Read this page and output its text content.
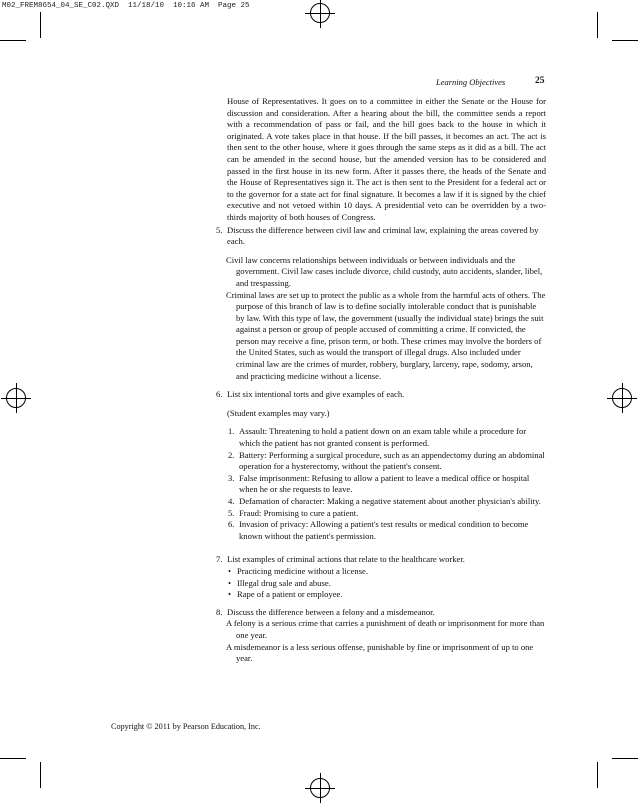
M02_FREM8654_04_SE_C02.QXD  11/18/10  10:16 AM  Page 25
Learning Objectives	25

House of Representatives. It goes on to a committee in either the Senate or the House for discussion and consideration. After a hearing about the bill, the committee sends a report with a recommendation of pass or fail, and the bill goes back to the house in which it originated. A vote takes place in that house. If the bill passes, it becomes an act. The act is then sent to the other house, where it goes through the same steps as it did as a bill. The act can be amended in the second house, but the amended version has to be considered and passed in the first house in its new form. After it passes there, the heads of the Senate and the House of Representatives sign it. The act is then sent to the President for a federal act or to the governor for a state act for final signature. It becomes a law if it is signed by the chief executive and not vetoed within 10 days. A presidential veto can be overridden by a two-thirds majority of both houses of Congress.

5. Discuss the difference between civil law and criminal law, explaining the areas covered by each.

Civil law concerns relationships between individuals or between individuals and the government. Civil law cases include divorce, child custody, auto accidents, slander, libel, and trespassing.

Criminal laws are set up to protect the public as a whole from the harmful acts of others. The purpose of this branch of law is to define socially intolerable conduct that is punishable by law. With this type of law, the government (usually the individual state) brings the suit against a person or group of people accused of committing a crime. If convicted, the person may receive a fine, prison term, or both. These crimes may involve the borders of the United States, such as would the transport of illegal drugs. Also included under criminal law are the crimes of murder, robbery, burglary, larceny, rape, sodomy, arson, and practicing medicine without a license.

6. List six intentional torts and give examples of each.

(Student examples may vary.)

1. Assault: Threatening to hold a patient down on an exam table while a procedure for which the patient has not granted consent is performed.

2. Battery: Performing a surgical procedure, such as an appendectomy during an abdominal operation for a hysterectomy, without the patient's consent.

3. False imprisonment: Refusing to allow a patient to leave a medical office or hospital when he or she requests to leave.

4. Defamation of character: Making a negative statement about another physician's ability.

5. Fraud: Promising to cure a patient.

6. Invasion of privacy: Allowing a patient's test results or medical condition to become known without the patient's permission.

7. List examples of criminal actions that relate to the healthcare worker.

• Practicing medicine without a license.
• Illegal drug sale and abuse.
• Rape of a patient or employee.
8. Discuss the difference between a felony and a misdemeanor.

A felony is a serious crime that carries a punishment of death or imprisonment for more than one year.

A misdemeanor is a less serious offense, punishable by fine or imprisonment of up to one year.

Copyright © 2011 by Pearson Education, Inc.
